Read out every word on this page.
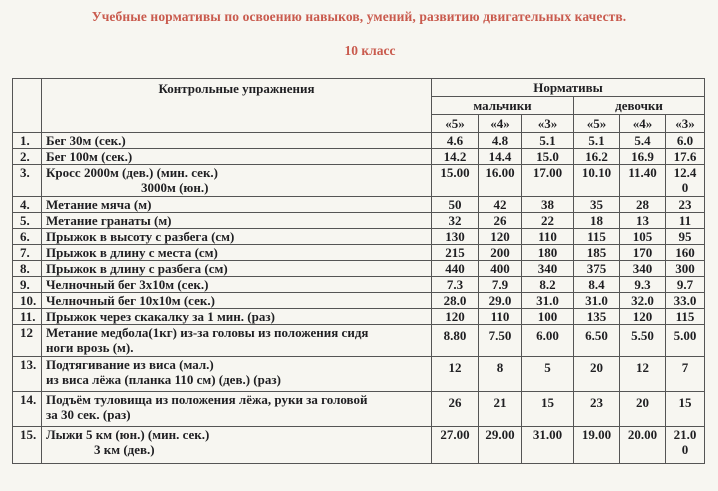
Учебные нормативы по освоению навыков, умений, развитию двигательных качеств.
10 класс
	Контрольные упражнения	Нормативы					
		мальчики			девочки		
		«5»	«4»	«3»	«5»	«4»	«3»
1.	Бег 30м (сек.)	4.6	4.8	5.1	5.1	5.4	6.0
2.	Бег 100м (сек.)	14.2	14.4	15.0	16.2	16.9	17.6
3.	Кросс 2000м (дев.) (мин. сек.)
3000м (юн.)	15.00	16.00	17.00	10.10	11.40	12.4
0
4.	Метание мяча (м)	50	42	38	35	28	23
5.	Метание гранаты (м)	32	26	22	18	13	11
6.	Прыжок в высоту с разбега (см)	130	120	110	115	105	95
7.	Прыжок в длину с места (см)	215	200	180	185	170	160
8.	Прыжок в длину с разбега (см)	440	400	340	375	340	300
9.	Челночный бег 3х10м (сек.)	7.3	7.9	8.2	8.4	9.3	9.7
10.	Челночный бег 10х10м (сек.)	28.0	29.0	31.0	31.0	32.0	33.0
11.	Прыжок через скакалку за 1 мин. (раз)	120	110	100	135	120	115
12	Метание медбола(1кг) из-за головы из положения сидя
ноги врозь (м).	8.80	7.50	6.00	6.50	5.50	5.00
13.	Подтягивание из виса (мал.)
из виса лёжа (планка 110 см) (дев.) (раз)	12	8	5	20	12	7
14.	Подъём туловища из положения лёжа, руки за головой
за 30 сек. (раз)	26	21	15	23	20	15
15.	Лыжи 5 км (юн.) (мин. сек.)
3 км (дев.)	27.00	29.00	31.00	19.00	20.00	21.0
0
